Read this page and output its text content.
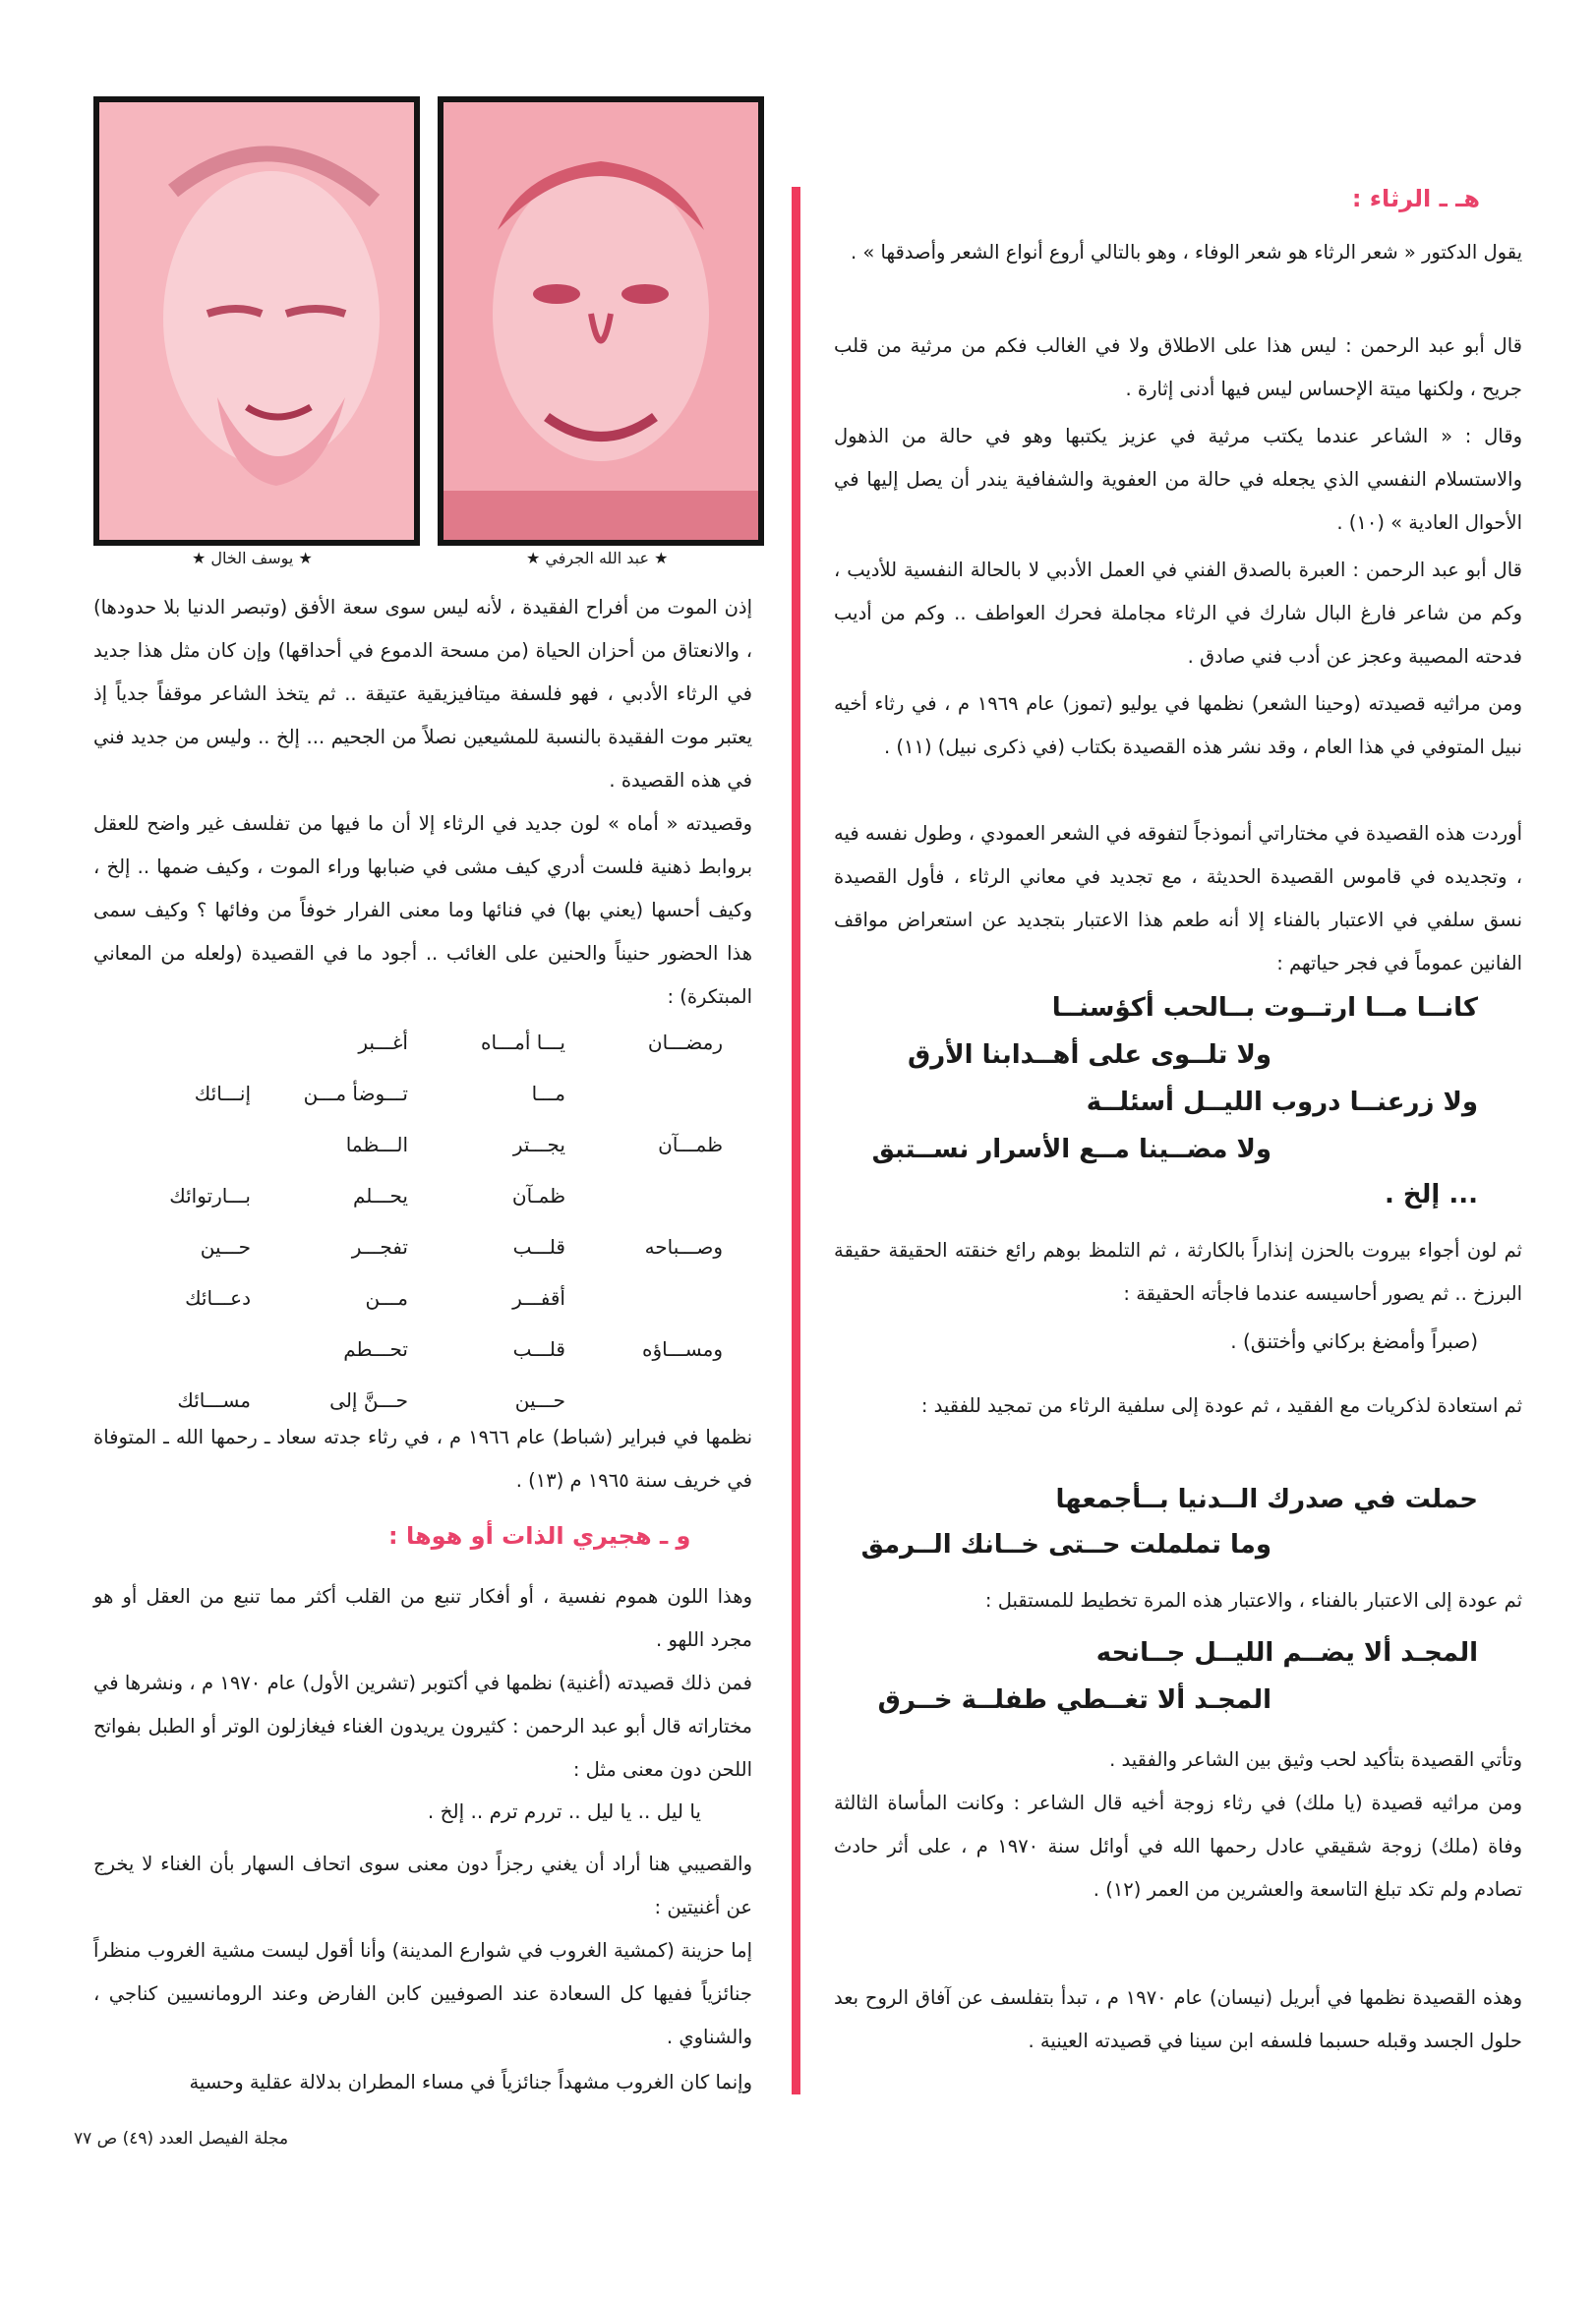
هـ ـ الرثاء :

يقول الدكتور « شعر الرثاء هو شعر الوفاء ، وهو بالتالي أروع أنواع الشعر وأصدقها » .

قال أبو عبد الرحمن : ليس هذا على الاطلاق ولا في الغالب فكم من مرثية من قلب جريح ، ولكنها ميتة الإحساس ليس فيها أدنى إثارة .

وقال : « الشاعر عندما يكتب مرثية في عزيز يكتبها وهو في حالة من الذهول والاستسلام النفسي الذي يجعله في حالة من العفوية والشفافية يندر أن يصل إليها في الأحوال العادية » (١٠) .

قال أبو عبد الرحمن : العبرة بالصدق الفني في العمل الأدبي لا بالحالة النفسية للأديب ، وكم من شاعر فارغ البال شارك في الرثاء مجاملة فحرك العواطف .. وكم من أديب فدحته المصيبة وعجز عن أدب فني صادق .

ومن مراثيه قصيدته (وحينا الشعر) نظمها في يوليو (تموز) عام ١٩٦٩ م ، في رثاء أخيه نبيل المتوفي في هذا العام ، وقد نشر هذه القصيدة بكتاب (في ذكرى نبيل) (١١) .

أوردت هذه القصيدة في مختاراتي أنموذجاً لتفوقه في الشعر العمودي ، وطول نفسه فيه ، وتجديده في قاموس القصيدة الحديثة ، مع تجديد في معاني الرثاء ، فأول القصيدة نسق سلفي في الاعتبار بالفناء إلا أنه طعم هذا الاعتبار بتجديد عن استعراض مواقف الفانين عموماً في فجر حياتهم :

كانــا مــا ارتــوت بــالحب أكؤسنــا
ولا تلــوى على أهــدابنا الأرق
ولا زرعنــا دروب الليــل أسئلــة
ولا مضــينا مــع الأسرار نســتبق
... إلخ .

ثم لون أجواء بيروت بالحزن إنذاراً بالكارثة ، ثم التلمظ بوهم رائع خنقته الحقيقة حقيقة البرزخ .. ثم يصور أحاسيسه عندما فاجأته الحقيقة :

(صبراً وأمضغ بركاني وأختنق) .

ثم استعادة لذكريات مع الفقيد ، ثم عودة إلى سلفية الرثاء من تمجيد للفقيد :

حملت في صدرك الــدنيا بــأجمعها
وما تململت حــتى خــانك الــرمق

ثم عودة إلى الاعتبار بالفناء ، والاعتبار هذه المرة تخطيط للمستقبل :

المجـد ألا يضــم الليــل جــانحه
المجـد ألا تغــطي طفلــة خــرق

وتأتي القصيدة بتأكيد لحب وثيق بين الشاعر والفقيد .

ومن مراثيه قصيدة (يا ملك) في رثاء زوجة أخيه قال الشاعر : وكانت المأساة الثالثة وفاة (ملك) زوجة شقيقي عادل رحمها الله في أوائل سنة ١٩٧٠ م ، على أثر حادث تصادم ولم تكد تبلغ التاسعة والعشرين من العمر (١٢) .

وهذه القصيدة نظمها في أبريل (نيسان) عام ١٩٧٠ م ، تبدأ بتفلسف عن آفاق الروح بعد حلول الجسد وقبله حسبما فلسفه ابن سينا في قصيدته العينية .

★ عبد الله الجرفي ★
★ يوسف الخال ★

إذن الموت من أفراح الفقيدة ، لأنه ليس سوى سعة الأفق (وتبصر الدنيا بلا حدودها) ، والانعتاق من أحزان الحياة (من مسحة الدموع في أحداقها) وإن كان مثل هذا جديد في الرثاء الأدبي ، فهو فلسفة ميتافيزيقية عتيقة .. ثم يتخذ الشاعر موقفاً جدياً إذ يعتبر موت الفقيدة بالنسبة للمشيعين نصلاً من الجحيم ... إلخ .. وليس من جديد فني في هذه القصيدة .

وقصيدته « أماه » لون جديد في الرثاء إلا أن ما فيها من تفلسف غير واضح للعقل بروابط ذهنية فلست أدري كيف مشى في ضبابها وراء الموت ، وكيف ضمها .. إلخ ، وكيف أحسها (يعني بها) في فنائها وما معنى الفرار خوفاً من وفائها ؟ وكيف سمى هذا الحضور حنيناً والحنين على الغائب .. أجود ما في القصيدة (ولعله من المعاني المبتكرة) :

رمضـــان
يـــا أمـــاه
أغـــبر
مـــا
تـــوضأ مـــن
إنـــائك
ظمـــآن
يجـــتر
الـــظما
ظمـآن
يحـــلم
بـــارتوائك
وصـــباحه
قلـــب
تفجـــر
حـــين
أقفـــر
مـــن
دعـــائك
ومســـاؤه
قلـــب
تحـــطم
حـــين
حـــنَّ إلى
مســـائك

نظمها في فبراير (شباط) عام ١٩٦٦ م ، في رثاء جدته سعاد ـ رحمها الله ـ المتوفاة في خريف سنة ١٩٦٥ م (١٣) .

و ـ هجيري الذات أو هوها :

وهذا اللون هموم نفسية ، أو أفكار تنبع من القلب أكثر مما تنبع من العقل أو هو مجرد اللهو .

فمن ذلك قصيدته (أغنية) نظمها في أكتوبر (تشرين الأول) عام ١٩٧٠ م ، ونشرها في مختاراته قال أبو عبد الرحمن : كثيرون يريدون الغناء فيغازلون الوتر أو الطبل بفواتح اللحن دون معنى مثل :

يا ليل .. يا ليل .. تررم ترم .. إلخ .

والقصيبي هنا أراد أن يغني رجزاً دون معنى سوى اتحاف السهار بأن الغناء لا يخرج عن أغنيتين :

إما حزينة (كمشية الغروب في شوارع المدينة) وأنا أقول ليست مشية الغروب منظراً جنائزياً ففيها كل السعادة عند الصوفيين كابن الفارض وعند الرومانسيين كناجي ، والشناوي .

وإنما كان الغروب مشهداً جنائزياً في مساء المطران بدلالة عقلية وحسية

مجلة الفيصل العدد (٤٩) ص ٧٧
